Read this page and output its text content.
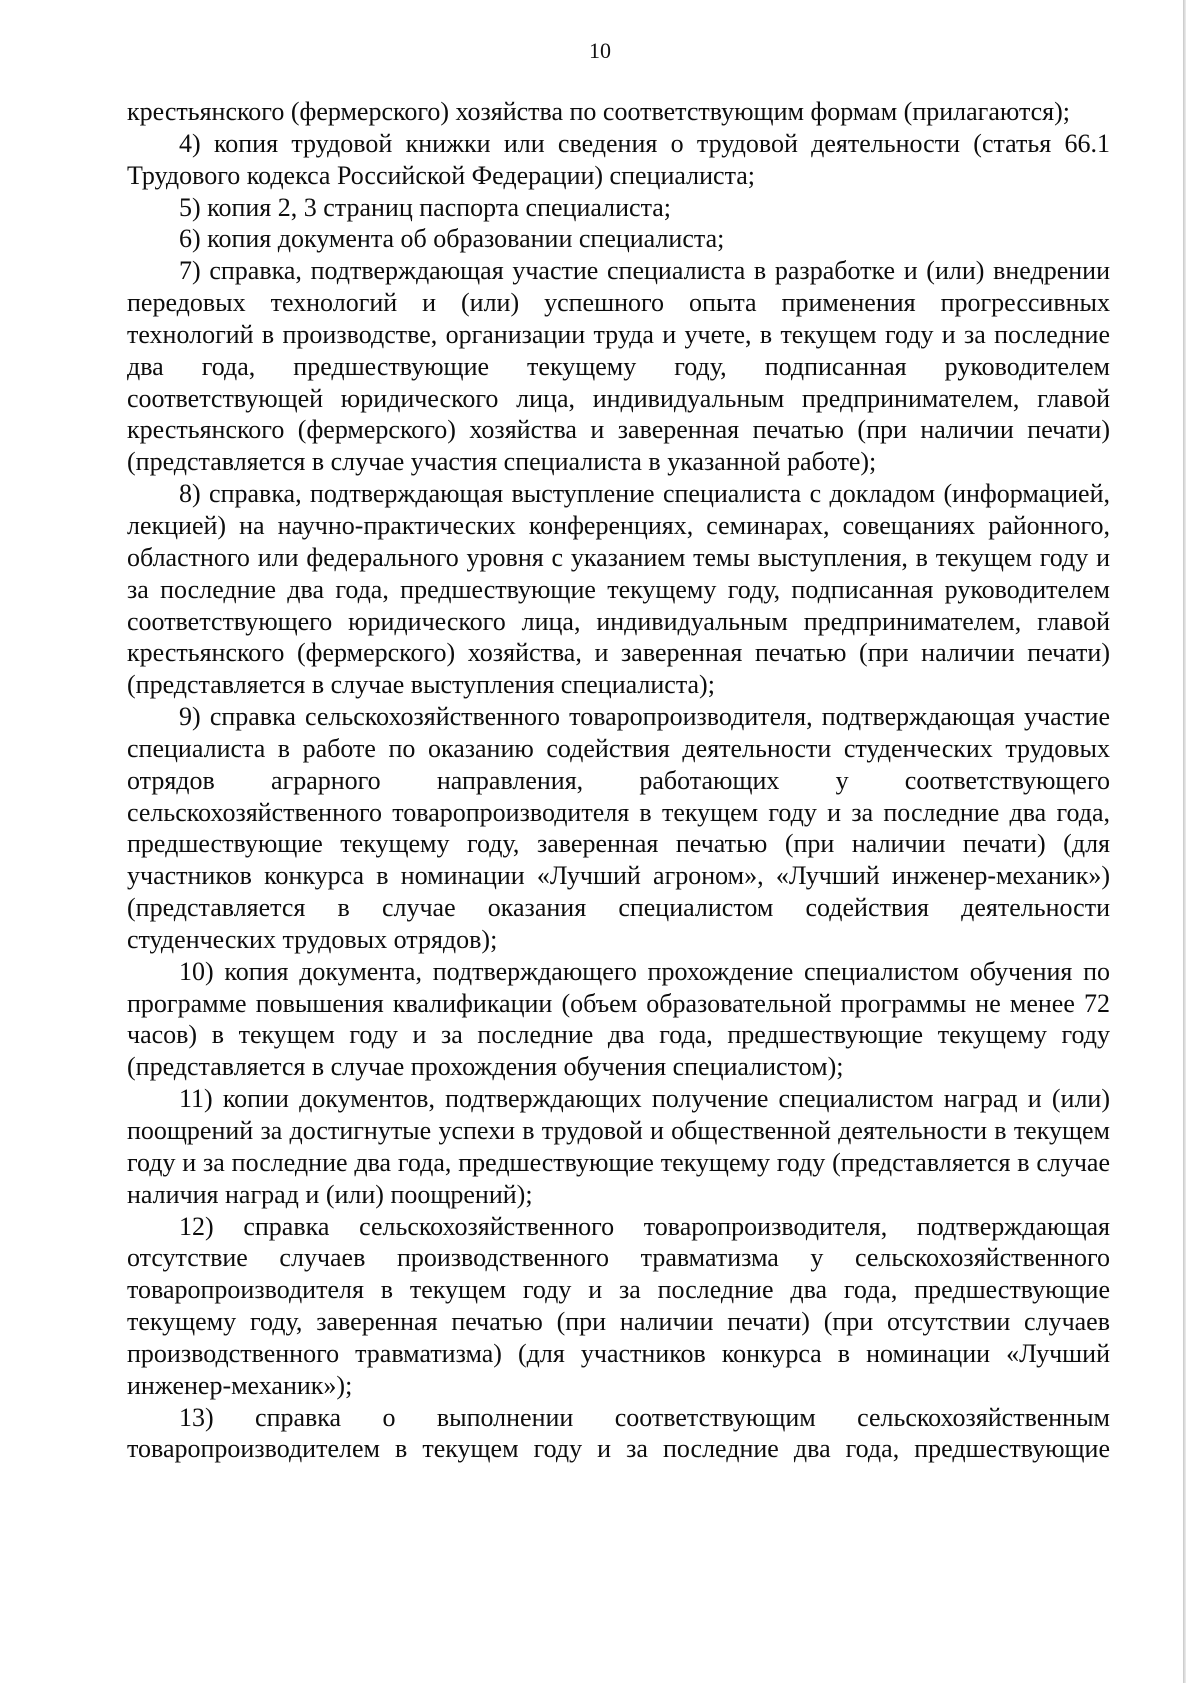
10

крестьянского (фермерского) хозяйства по соответствующим формам (прилагаются);

4) копия трудовой книжки или сведения о трудовой деятельности (статья 66.1 Трудового кодекса Российской Федерации) специалиста;

5) копия 2, 3 страниц паспорта специалиста;

6) копия документа об образовании специалиста;

7) справка, подтверждающая участие специалиста в разработке и (или) внедрении передовых технологий и (или) успешного опыта применения прогрессивных технологий в производстве, организации труда и учете, в текущем году и за последние два года, предшествующие текущему году, подписанная руководителем соответствующей юридического лица, индивидуальным предпринимателем, главой крестьянского (фермерского) хозяйства и заверенная печатью (при наличии печати) (представляется в случае участия специалиста в указанной работе);

8) справка, подтверждающая выступление специалиста с докладом (информацией, лекцией) на научно-практических конференциях, семинарах, совещаниях районного, областного или федерального уровня с указанием темы выступления, в текущем году и за последние два года, предшествующие текущему году, подписанная руководителем соответствующего юридического лица, индивидуальным предпринимателем, главой крестьянского (фермерского) хозяйства, и заверенная печатью (при наличии печати) (представляется в случае выступления специалиста);

9) справка сельскохозяйственного товаропроизводителя, подтверждающая участие специалиста в работе по оказанию содействия деятельности студенческих трудовых отрядов аграрного направления, работающих у соответствующего сельскохозяйственного товаропроизводителя в текущем году и за последние два года, предшествующие текущему году, заверенная печатью (при наличии печати) (для участников конкурса в номинации «Лучший агроном», «Лучший инженер-механик») (представляется в случае оказания специалистом содействия деятельности студенческих трудовых отрядов);

10) копия документа, подтверждающего прохождение специалистом обучения по программе повышения квалификации (объем образовательной программы не менее 72 часов) в текущем году и за последние два года, предшествующие текущему году (представляется в случае прохождения обучения специалистом);

11) копии документов, подтверждающих получение специалистом наград и (или) поощрений за достигнутые успехи в трудовой и общественной деятельности в текущем году и за последние два года, предшествующие текущему году (представляется в случае наличия наград и (или) поощрений);

12) справка сельскохозяйственного товаропроизводителя, подтверждающая отсутствие случаев производственного травматизма у сельскохозяйственного товаропроизводителя в текущем году и за последние два года, предшествующие текущему году, заверенная печатью (при наличии печати) (при отсутствии случаев производственного травматизма) (для участников конкурса в номинации «Лучший инженер-механик»);

13) справка о выполнении соответствующим сельскохозяйственным товаропроизводителем в текущем году и за последние два года, предшествующие
